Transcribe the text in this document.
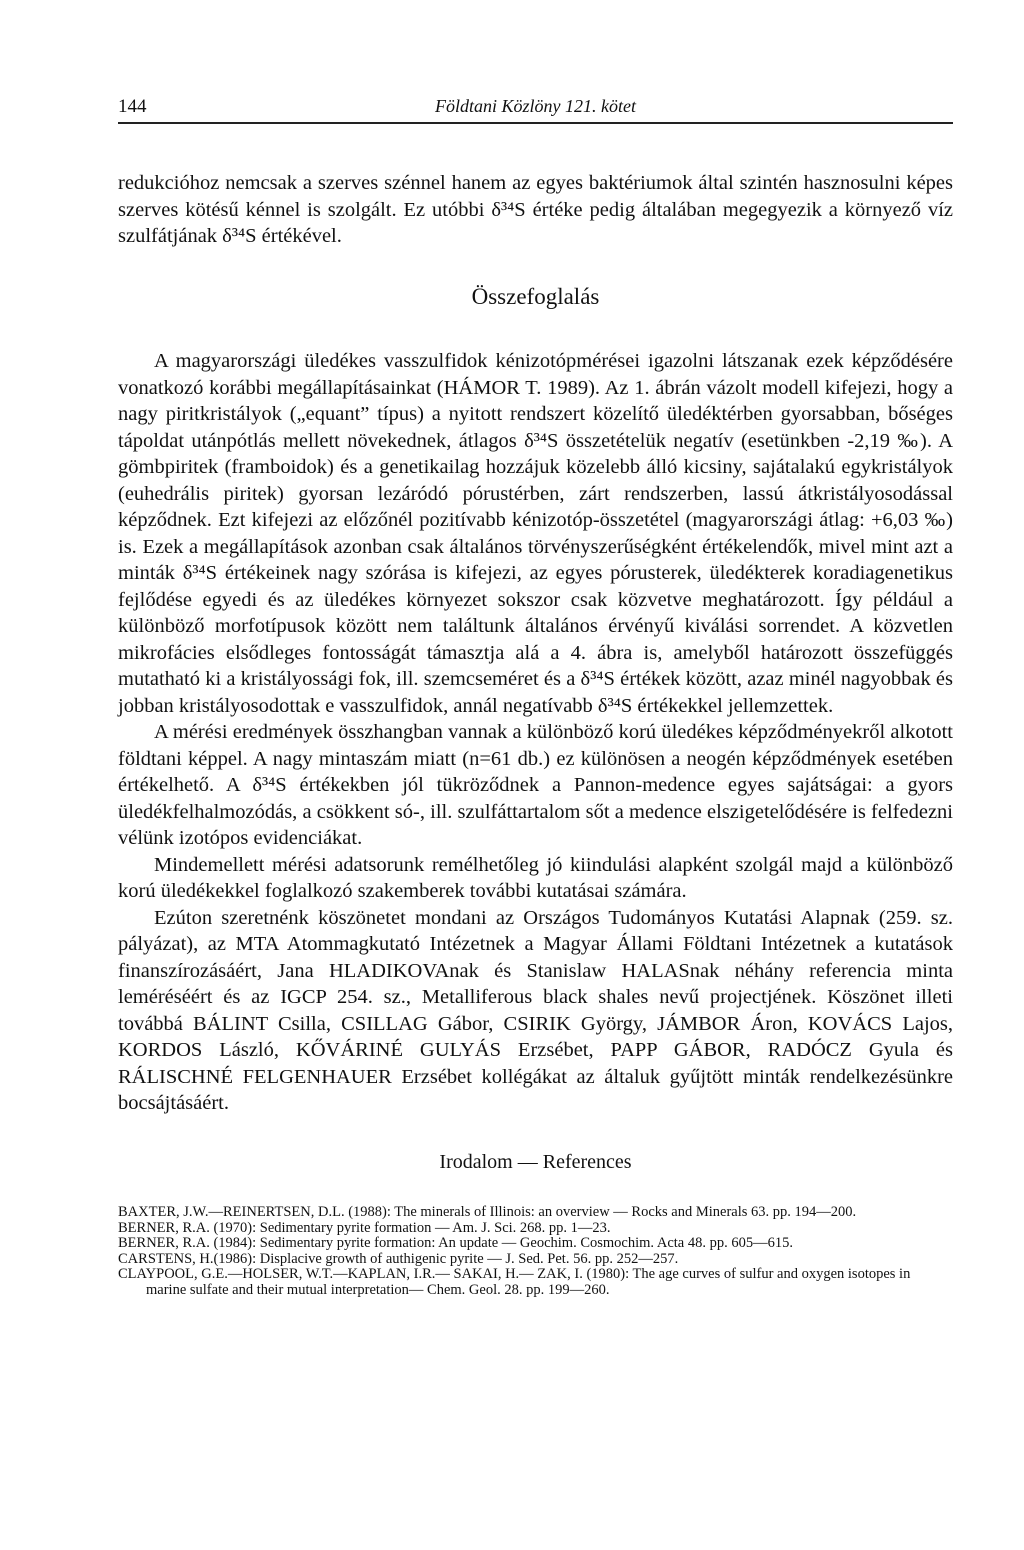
144	Földtani Közlöny 121. kötet

redukcióhoz nemcsak a szerves szénnel hanem az egyes baktériumok által szintén hasznosulni képes szerves kötésű kénnel is szolgált. Ez utóbbi δ³⁴S értéke pedig általában megegyezik a környező víz szulfátjának δ³⁴S értékével.

Összefoglalás

A magyarországi üledékes vasszulfidok kénizotópmérései igazolni látszanak ezek képződésére vonatkozó korábbi megállapításainkat (HÁMOR T. 1989). Az 1. ábrán vázolt modell kifejezi, hogy a nagy piritkristályok („equant” típus) a nyitott rendszert közelítő üledéktérben gyorsabban, bőséges tápoldat utánpótlás mellett növekednek, átlagos δ³⁴S összetételük negatív (esetünkben -2,19 ‰). A gömbpiritek (framboidok) és a genetikailag hozzájuk közelebb álló kicsiny, sajátalakú egykristályok (euhedrális piritek) gyorsan lezáródó pórustérben, zárt rendszerben, lassú átkristályosodással képződnek. Ezt kifejezi az előzőnél pozitívabb kénizotóp-összetétel (magyarországi átlag: +6,03 ‰) is. Ezek a megállapítások azonban csak általános törvényszerűségként értékelendők, mivel mint azt a minták δ³⁴S értékeinek nagy szórása is kifejezi, az egyes pórusterek, üledékterek koradiagenetikus fejlődése egyedi és az üledékes környezet sokszor csak közvetve meghatározott. Így például a különböző morfotípusok között nem találtunk általános érvényű kiválási sorrendet. A közvetlen mikrofácies elsődleges fontosságát támasztja alá a 4. ábra is, amelyből határozott összefüggés mutatható ki a kristályossági fok, ill. szemcseméret és a δ³⁴S értékek között, azaz minél nagyobbak és jobban kristályosodottak e vasszulfidok, annál negatívabb δ³⁴S értékekkel jellemzettek.

A mérési eredmények összhangban vannak a különböző korú üledékes képződményekről alkotott földtani képpel. A nagy mintaszám miatt (n=61 db.) ez különösen a neogén képződmények esetében értékelhető. A δ³⁴S értékekben jól tükröződnek a Pannon-medence egyes sajátságai: a gyors üledékfelhalmozódás, a csökkent só-, ill. szulfáttartalom sőt a medence elszigetelődésére is felfedezni vélünk izotópos evidenciákat.

Mindemellett mérési adatsorunk remélhetőleg jó kiindulási alapként szolgál majd a különböző korú üledékekkel foglalkozó szakemberek további kutatásai számára.

Ezúton szeretnénk köszönetet mondani az Országos Tudományos Kutatási Alapnak (259. sz. pályázat), az MTA Atommagkutató Intézetnek a Magyar Állami Földtani Intézetnek a kutatások finanszírozásáért, Jana HLADIKOVAnak és Stanislaw HALASnak néhány referencia minta leméréséért és az IGCP 254. sz., Metalliferous black shales nevű projectjének. Köszönet illeti továbbá BÁLINT Csilla, CSILLAG Gábor, CSIRIK György, JÁMBOR Áron, KOVÁCS Lajos, KORDOS László, KŐVÁRINÉ GULYÁS Erzsébet, PAPP GÁBOR, RADÓCZ Gyula és RÁLISCHNÉ FELGENHAUER Erzsébet kollégákat az általuk gyűjtött minták rendelkezésünkre bocsájtásáért.

Irodalom — References
BAXTER, J.W.—REINERTSEN, D.L. (1988): The minerals of Illinois: an overview — Rocks and Minerals 63. pp. 194—200.
BERNER, R.A. (1970): Sedimentary pyrite formation — Am. J. Sci. 268. pp. 1—23.
BERNER, R.A. (1984): Sedimentary pyrite formation: An update — Geochim. Cosmochim. Acta 48. pp. 605—615.
CARSTENS, H.(1986): Displacive growth of authigenic pyrite — J. Sed. Pet. 56. pp. 252—257.
CLAYPOOL, G.E.—HOLSER, W.T.—KAPLAN, I.R.— SAKAI, H.— ZAK, I. (1980): The age curves of sulfur and oxygen isotopes in marine sulfate and their mutual interpretation— Chem. Geol. 28. pp. 199—260.
